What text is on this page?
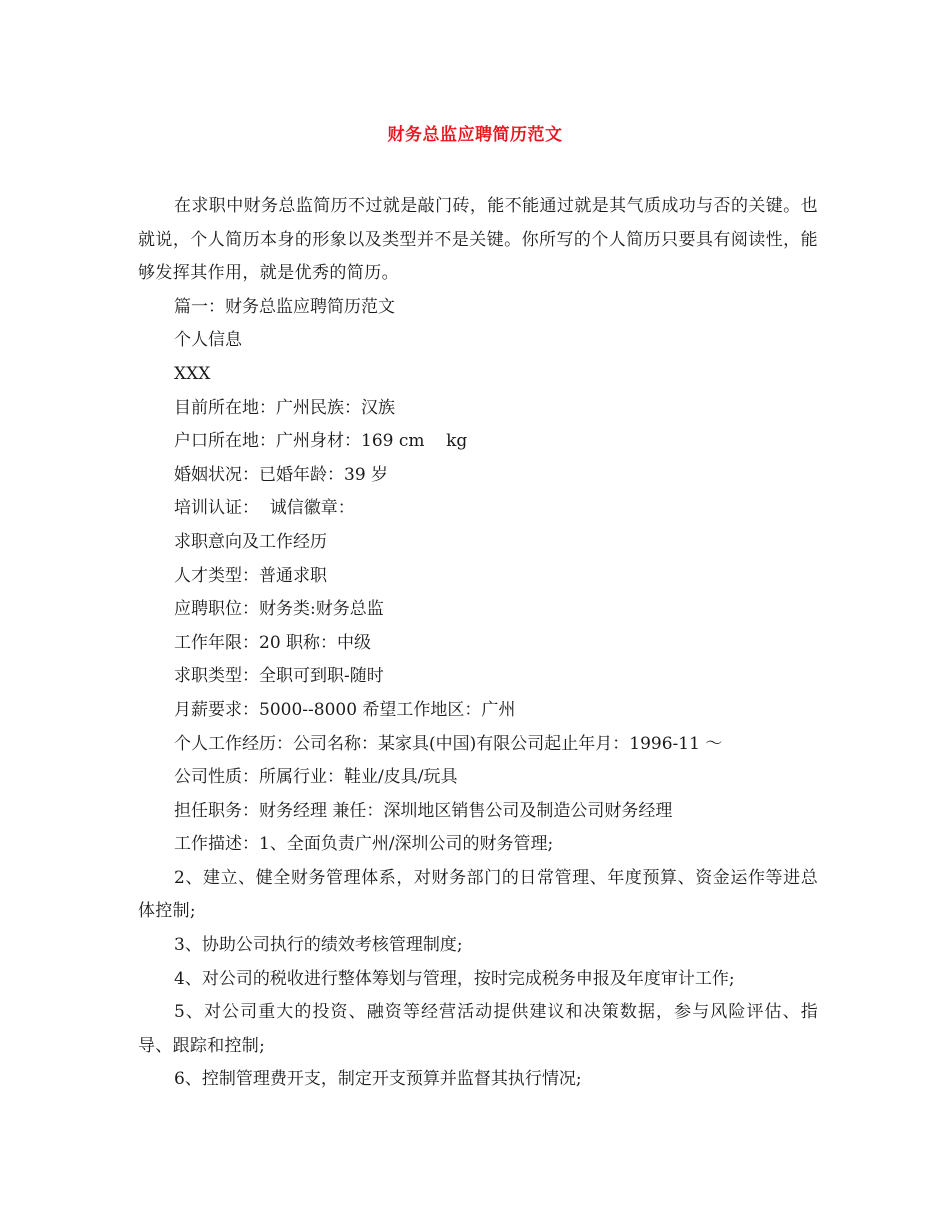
财务总监应聘简历范文

在求职中财务总监简历不过就是敲门砖，能不能通过就是其气质成功与否的关键。也就说，个人简历本身的形象以及类型并不是关键。你所写的个人简历只要具有阅读性，能够发挥其作用，就是优秀的简历。

篇一：财务总监应聘简历范文

个人信息

XXX

目前所在地：广州民族：汉族

户口所在地：广州身材：169 cm    kg

婚姻状况：已婚年龄：39 岁

培训认证：  诚信徽章：

求职意向及工作经历

人才类型：普通求职

应聘职位：财务类:财务总监

工作年限：20 职称：中级

求职类型：全职可到职-随时

月薪要求：5000--8000 希望工作地区：广州

个人工作经历：公司名称：某家具(中国)有限公司起止年月：1996-11 ～

公司性质：所属行业：鞋业/皮具/玩具

担任职务：财务经理 兼任：深圳地区销售公司及制造公司财务经理

工作描述：1、全面负责广州/深圳公司的财务管理;

2、建立、健全财务管理体系，对财务部门的日常管理、年度预算、资金运作等进总体控制;

3、协助公司执行的绩效考核管理制度;

4、对公司的税收进行整体筹划与管理，按时完成税务申报及年度审计工作;

5、对公司重大的投资、融资等经营活动提供建议和决策数据，参与风险评估、指导、跟踪和控制;

6、控制管理费开支，制定开支预算并监督其执行情况;
